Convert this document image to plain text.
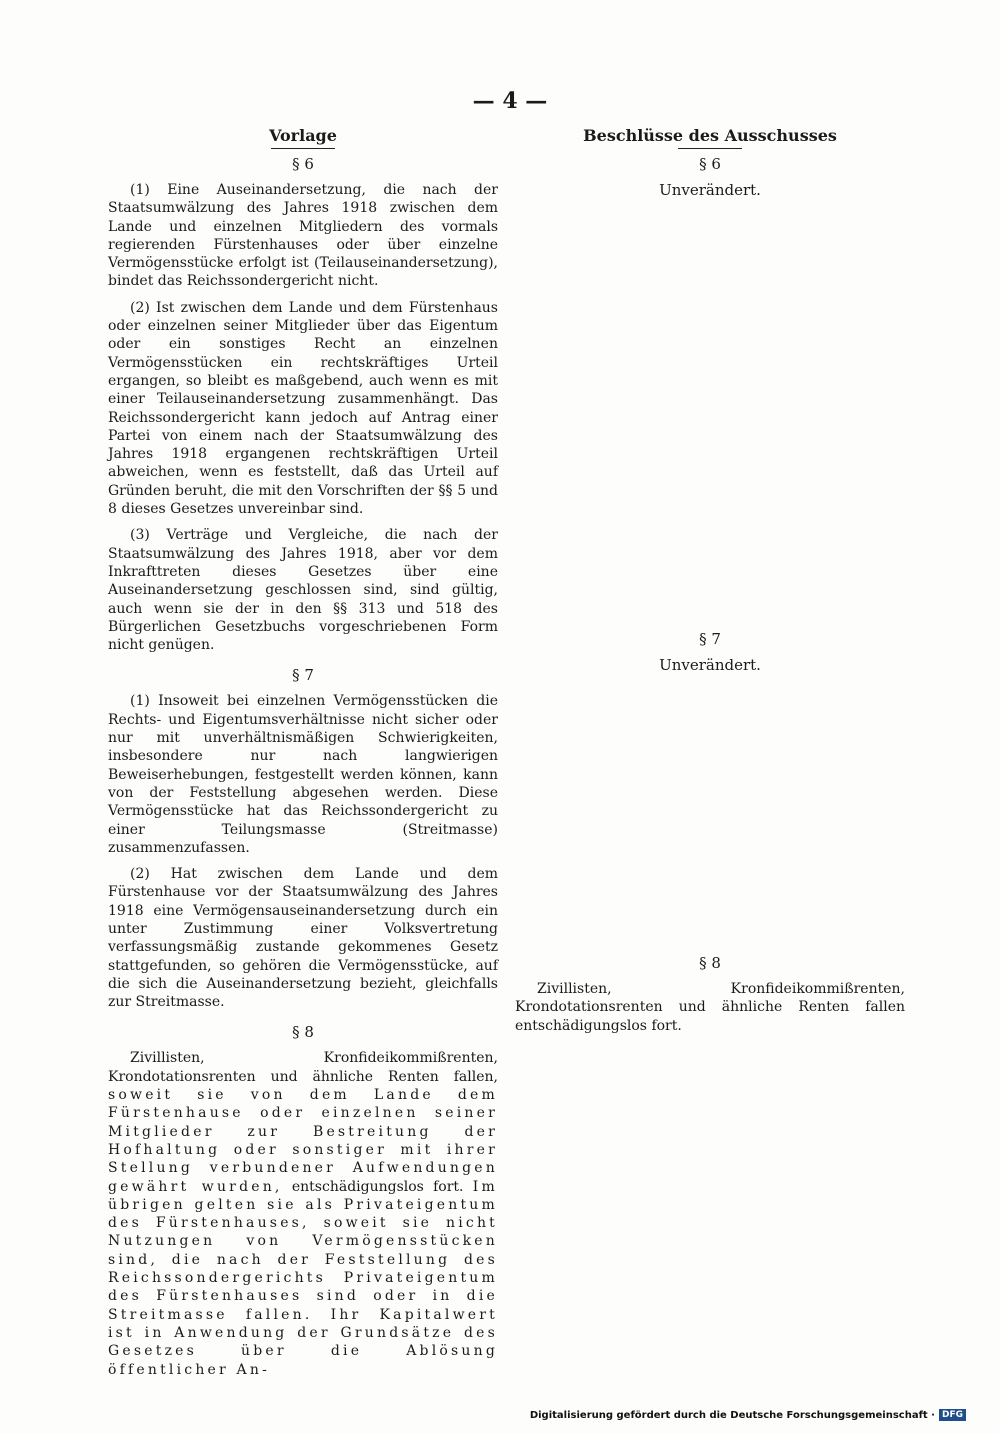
— 4 —
Vorlage
§ 6

(1) Eine Auseinandersetzung, die nach der Staatsumwälzung des Jahres 1918 zwischen dem Lande und einzelnen Mitgliedern des vormals regierenden Fürstenhauses oder über einzelne Vermögensstücke erfolgt ist (Teilauseinandersetzung), bindet das Reichssondergericht nicht.

(2) Ist zwischen dem Lande und dem Fürstenhaus oder einzelnen seiner Mitglieder über das Eigentum oder ein sonstiges Recht an einzelnen Vermögensstücken ein rechtskräftiges Urteil ergangen, so bleibt es maßgebend, auch wenn es mit einer Teilauseinandersetzung zusammenhängt. Das Reichssondergericht kann jedoch auf Antrag einer Partei von einem nach der Staatsumwälzung des Jahres 1918 ergangenen rechtskräftigen Urteil abweichen, wenn es feststellt, daß das Urteil auf Gründen beruht, die mit den Vorschriften der §§ 5 und 8 dieses Gesetzes unvereinbar sind.

(3) Verträge und Vergleiche, die nach der Staatsumwälzung des Jahres 1918, aber vor dem Inkrafttreten dieses Gesetzes über eine Auseinandersetzung geschlossen sind, sind gültig, auch wenn sie der in den §§ 313 und 518 des Bürgerlichen Gesetzbuchs vorgeschriebenen Form nicht genügen.

§ 7

(1) Insoweit bei einzelnen Vermögensstücken die Rechts- und Eigentumsverhältnisse nicht sicher oder nur mit unverhältnismäßigen Schwierigkeiten, insbesondere nur nach langwierigen Beweiserhebungen, festgestellt werden können, kann von der Feststellung abgesehen werden. Diese Vermögensstücke hat das Reichssondergericht zu einer Teilungsmasse (Streitmasse) zusammenzufassen.

(2) Hat zwischen dem Lande und dem Fürstenhause vor der Staatsumwälzung des Jahres 1918 eine Vermögensauseinandersetzung durch ein unter Zustimmung einer Volksvertretung verfassungsmäßig zustande gekommenes Gesetz stattgefunden, so gehören die Vermögensstücke, auf die sich die Auseinandersetzung bezieht, gleichfalls zur Streitmasse.

§ 8

Zivillisten, Kronfideikommißrenten, Krondotationsrenten und ähnliche Renten fallen, soweit sie von dem Lande dem Fürstenhause oder einzelnen seiner Mitglieder zur Bestreitung der Hofhaltung oder sonstiger mit ihrer Stellung verbundener Aufwendungen gewährt wurden, entschädigungslos fort. Im übrigen gelten sie als Privateigentum des Fürstenhauses, soweit sie nicht Nutzungen von Vermögensstücken sind, die nach der Feststellung des Reichssondergerichts Privateigentum des Fürstenhauses sind oder in die Streitmasse fallen. Ihr Kapitalwert ist in Anwendung der Grundsätze des Gesetzes über die Ablösung öffentlicher An-

Beschlüsse des Ausschusses
§ 6
Unverändert.
§ 7
Unverändert.
§ 8

Zivillisten, Kronfideikommißrenten, Krondotationsrenten und ähnliche Renten fallen entschädigungslos fort.

Digitalisierung gefördert durch die Deutsche Forschungsgemeinschaft · DFG
